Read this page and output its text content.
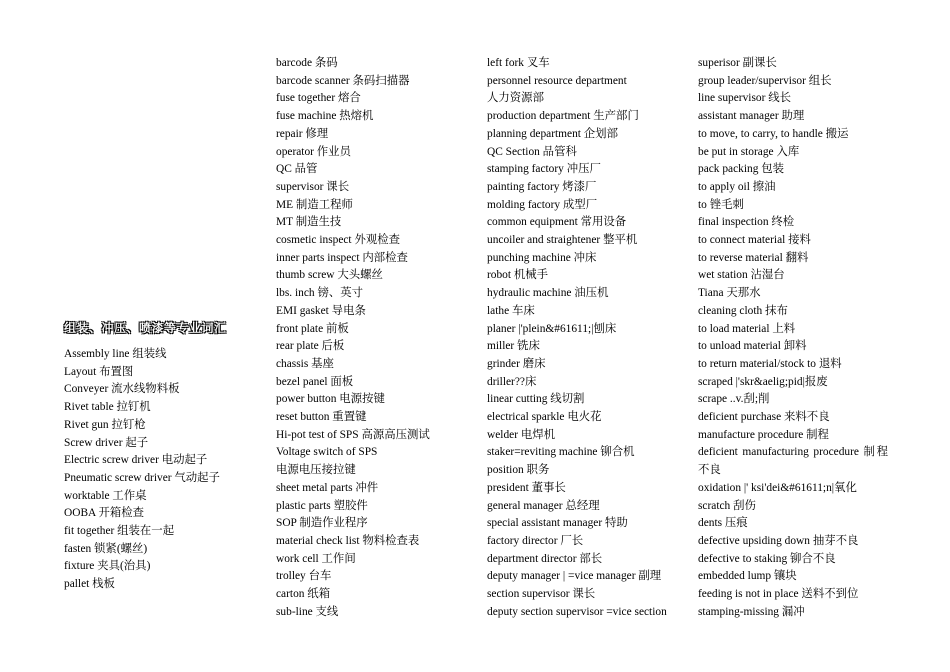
组装、冲压、喷漆等专业词汇
Assembly line 组装线
Layout 布置图
Conveyer 流水线物料板
Rivet table 拉钉机
Rivet gun 拉钉枪
Screw driver 起子
Electric screw driver 电动起子
Pneumatic screw driver 气动起子
worktable 工作桌
OOBA 开箱检查
fit together 组装在一起
fasten 锁紧(螺丝)
fixture 夹具(治具)
pallet 栈板
barcode 条码
barcode scanner 条码扫描器
fuse together 熔合
fuse machine 热熔机
repair 修理
operator 作业员
QC 品管
supervisor 课长
ME 制造工程师
MT 制造生技
cosmetic inspect 外观检查
inner parts inspect 内部检查
thumb screw 大头螺丝
lbs. inch 镑、英寸
EMI gasket 导电条
front plate 前板
rear plate 后板
chassis 基座
bezel panel 面板
power button 电源按键
reset button 重置键
Hi-pot test of SPS 高源高压测试
Voltage switch of SPS
电源电压接拉键
sheet metal parts 冲件
plastic parts 塑胶件
SOP 制造作业程序
material check list 物料检查表
work cell 工作间
trolley 台车
carton 纸箱
sub-line 支线
left fork 叉车
personnel resource department
人力资源部
production department 生产部门
planning department 企划部
QC Section 品管科
stamping factory 冲压厂
painting factory 烤漆厂
molding factory 成型厂
common equipment 常用设备
uncoiler and straightener 整平机
punching machine 冲床
robot 机械手
hydraulic machine 油压机
lathe 车床
planer |'plein&#61611;|刨床
miller 铣床
grinder 磨床
driller??床
linear cutting 线切割
electrical sparkle 电火花
welder 电焊机
staker=reviting machine 铆合机
position 职务
president 董事长
general manager 总经理
special assistant manager 特助
factory director 厂长
department director 部长
deputy manager | =vice manager 副理
section supervisor 课长
deputy section supervisor =vice section
superisor 副课长
group leader/supervisor 组长
line supervisor 线长
assistant manager 助理
to move, to carry, to handle 搬运
be put in storage 入库
pack packing 包装
to apply oil 擦油
to 锉毛刺
final inspection 终检
to connect material 接料
to reverse material 翻料
wet station 沾湿台
Tiana 天那水
cleaning cloth 抹布
to load material 上料
to unload material 卸料
to return material/stock to 退料
scraped |'skr&aelig;pid|报废
scrape ..v.刮;削
deficient purchase 来料不良
manufacture procedure 制程
deficient manufacturing procedure 制程不良
oxidation |' ksi'dei&#61611;n|氧化
scratch 刮伤
dents 压痕
defective upsiding down 抽芽不良
defective to staking 铆合不良
embedded lump 镶块
feeding is not in place 送料不到位
stamping-missing 漏冲
